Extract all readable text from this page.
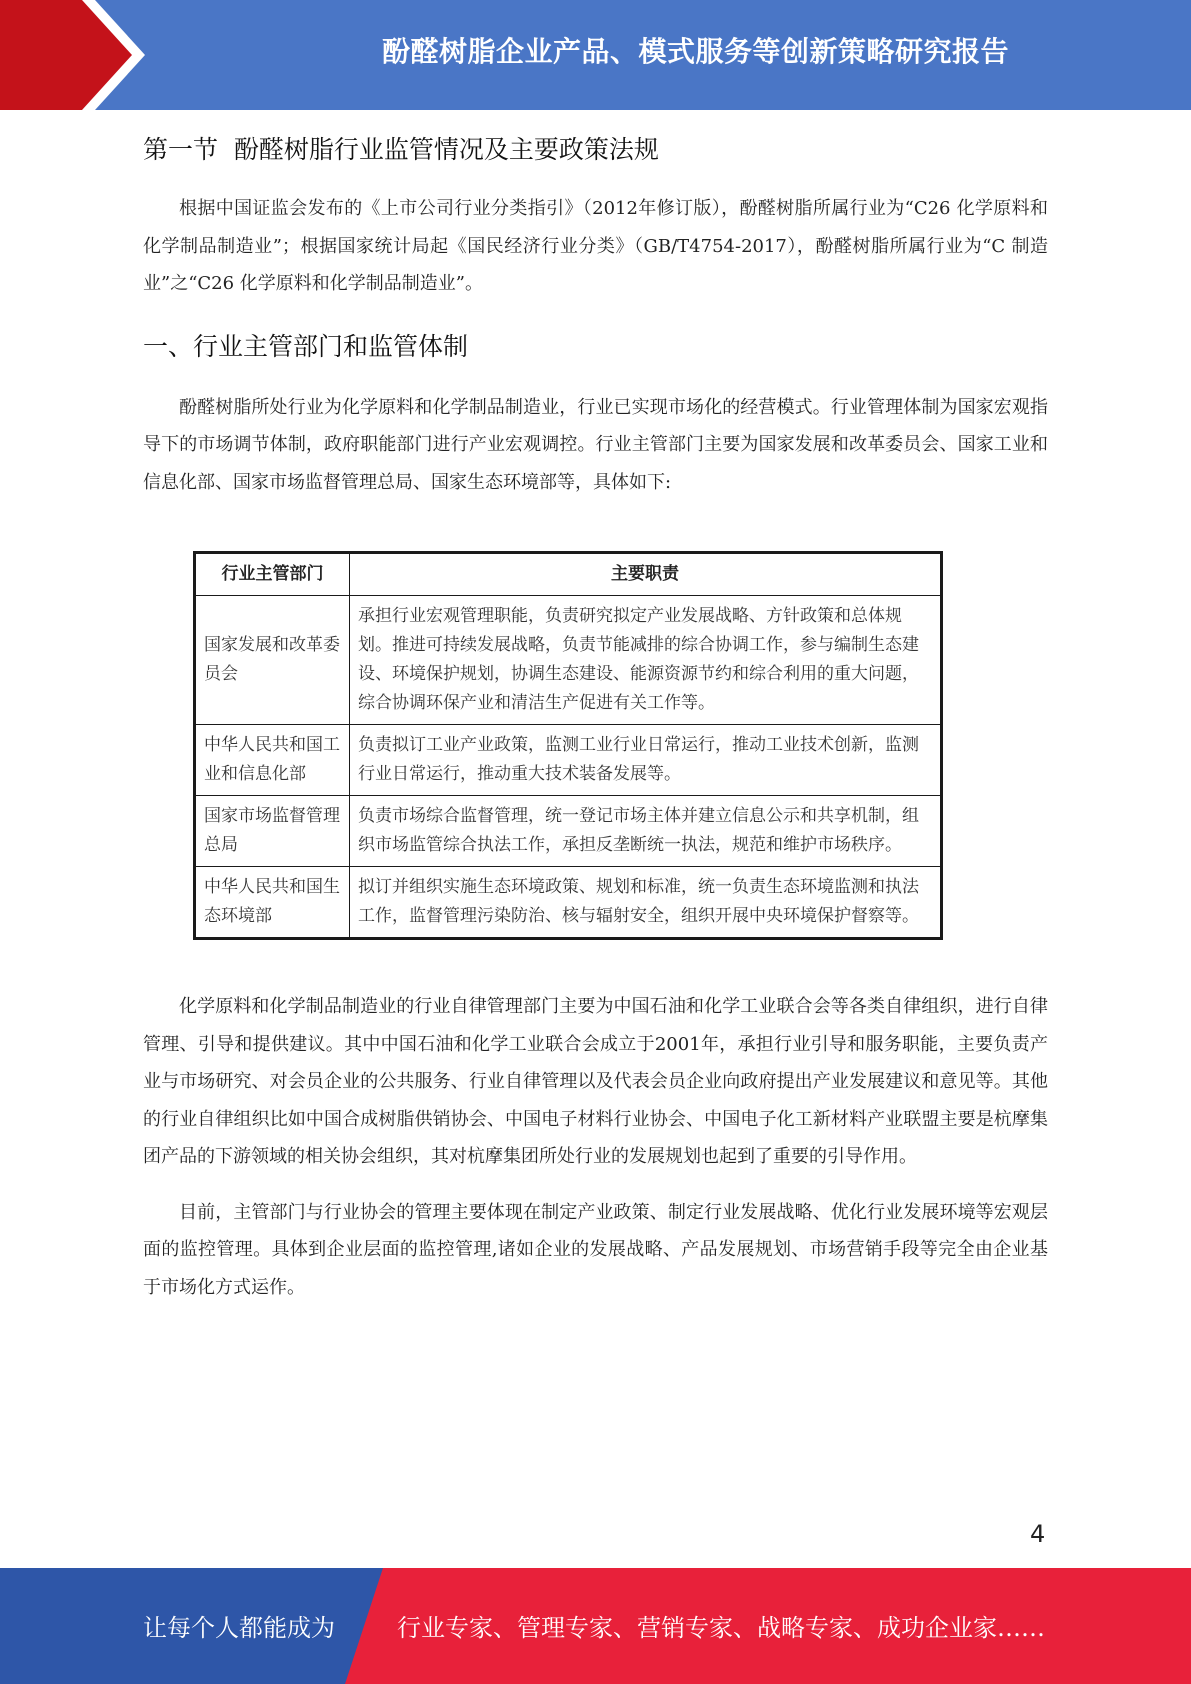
酚醛树脂企业产品、模式服务等创新策略研究报告
第一节  酚醛树脂行业监管情况及主要政策法规

根据中国证监会发布的《上市公司行业分类指引》（2012年修订版），酚醛树脂所属行业为“C26 化学原料和化学制品制造业”；根据国家统计局起《国民经济行业分类》（GB/T4754-2017），酚醛树脂所属行业为“C 制造业”之“C26 化学原料和化学制品制造业”。

一、行业主管部门和监管体制

酚醛树脂所处行业为化学原料和化学制品制造业，行业已实现市场化的经营模式。行业管理体制为国家宏观指导下的市场调节体制，政府职能部门进行产业宏观调控。行业主管部门主要为国家发展和改革委员会、国家工业和信息化部、国家市场监督管理总局、国家生态环境部等，具体如下:

行业主管部门	主要职责
国家发展和改革委员会	承担行业宏观管理职能，负责研究拟定产业发展战略、方针政策和总体规划。推进可持续发展战略，负责节能减排的综合协调工作，参与编制生态建设、环境保护规划，协调生态建设、能源资源节约和综合利用的重大问题，综合协调环保产业和清洁生产促进有关工作等。
中华人民共和国工业和信息化部	负责拟订工业产业政策，监测工业行业日常运行，推动工业技术创新，监测行业日常运行，推动重大技术装备发展等。
国家市场监督管理总局	负责市场综合监督管理，统一登记市场主体并建立信息公示和共享机制，组织市场监管综合执法工作，承担反垄断统一执法，规范和维护市场秩序。
中华人民共和国生态环境部	拟订并组织实施生态环境政策、规划和标准，统一负责生态环境监测和执法工作，监督管理污染防治、核与辐射安全，组织开展中央环境保护督察等。

化学原料和化学制品制造业的行业自律管理部门主要为中国石油和化学工业联合会等各类自律组织，进行自律管理、引导和提供建议。其中中国石油和化学工业联合会成立于2001年，承担行业引导和服务职能，主要负责产业与市场研究、对会员企业的公共服务、行业自律管理以及代表会员企业向政府提出产业发展建议和意见等。其他的行业自律组织比如中国合成树脂供销协会、中国电子材料行业协会、中国电子化工新材料产业联盟主要是杭摩集团产品的下游领域的相关协会组织，其对杭摩集团所处行业的发展规划也起到了重要的引导作用。

目前，主管部门与行业协会的管理主要体现在制定产业政策、制定行业发展战略、优化行业发展环境等宏观层面的监控管理。具体到企业层面的监控管理,诸如企业的发展战略、产品发展规划、市场营销手段等完全由企业基于市场化方式运作。

4
让每个人都能成为	行业专家、管理专家、营销专家、战略专家、成功企业家……
